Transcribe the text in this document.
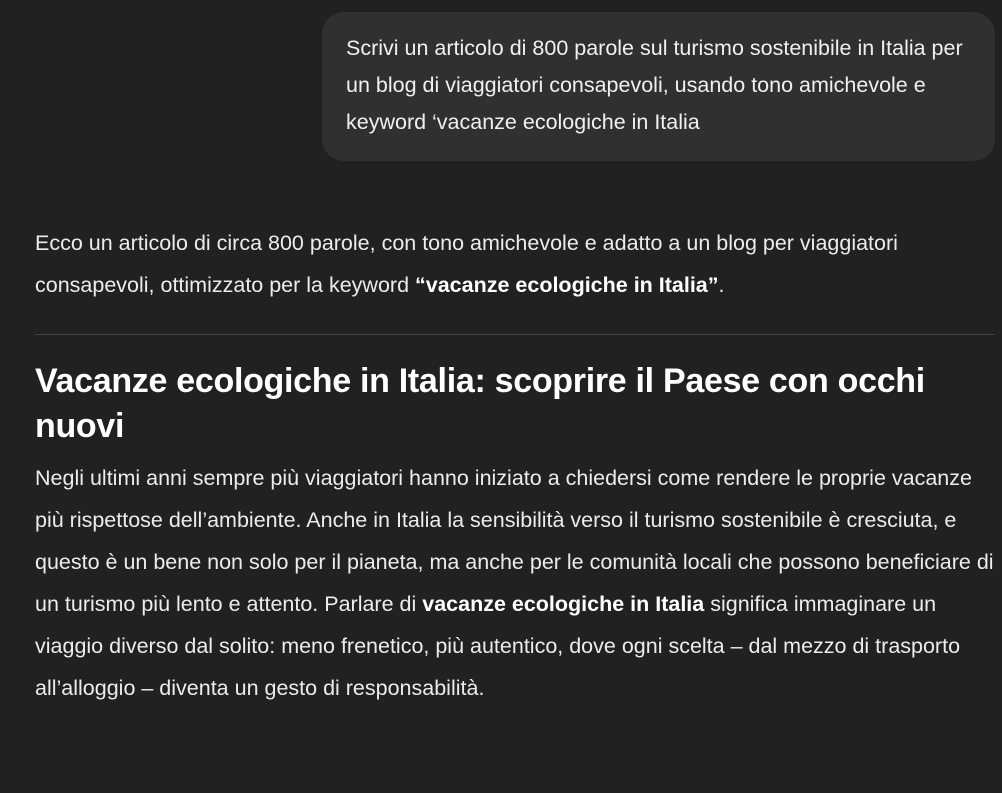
Scrivi un articolo di 800 parole sul turismo sostenibile in Italia per un blog di viaggiatori consapevoli, usando tono amichevole e keyword ‘vacanze ecologiche in Italia

Ecco un articolo di circa 800 parole, con tono amichevole e adatto a un blog per viaggiatori consapevoli, ottimizzato per la keyword “vacanze ecologiche in Italia”.

Vacanze ecologiche in Italia: scoprire il Paese con occhi nuovi

Negli ultimi anni sempre più viaggiatori hanno iniziato a chiedersi come rendere le proprie vacanze più rispettose dell’ambiente. Anche in Italia la sensibilità verso il turismo sostenibile è cresciuta, e questo è un bene non solo per il pianeta, ma anche per le comunità locali che possono beneficiare di un turismo più lento e attento. Parlare di vacanze ecologiche in Italia significa immaginare un viaggio diverso dal solito: meno frenetico, più autentico, dove ogni scelta – dal mezzo di trasporto all’alloggio – diventa un gesto di responsabilità.
